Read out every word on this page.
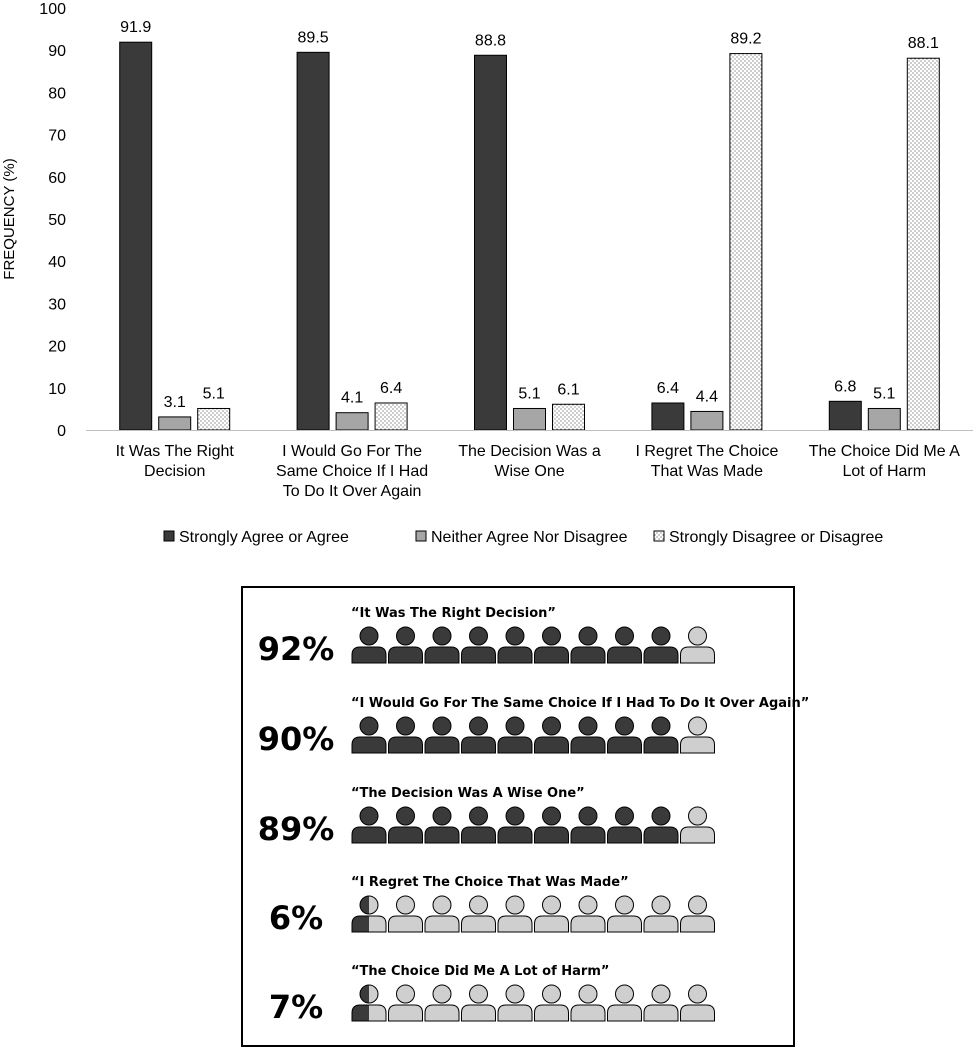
0
10
20
30
40
50
60
70
80
90
100
FREQUENCY (%)
91.9
89.5	88.8
6.4	6.8
3.1	4.1	5.1	4.4	5.1
5.1	6.4	6.1
89.2	88.1
It Was The Right Decision
I Would Go For The Same Choice If I Had To Do It Over Again
The Decision Was a Wise One
I Regret The Choice That Was Made
The Choice Did Me A Lot of Harm
Strongly Agree or Agree	Neither Agree Nor Disagree	Strongly Disagree or Disagree
“It Was The Right Decision”
92%
“I Would Go For The Same Choice If I Had To Do It Over Again”
90%
“The Decision Was A Wise One”
89%
“I Regret The Choice That Was Made”
6%
“The Choice Did Me A Lot of Harm”
7%
